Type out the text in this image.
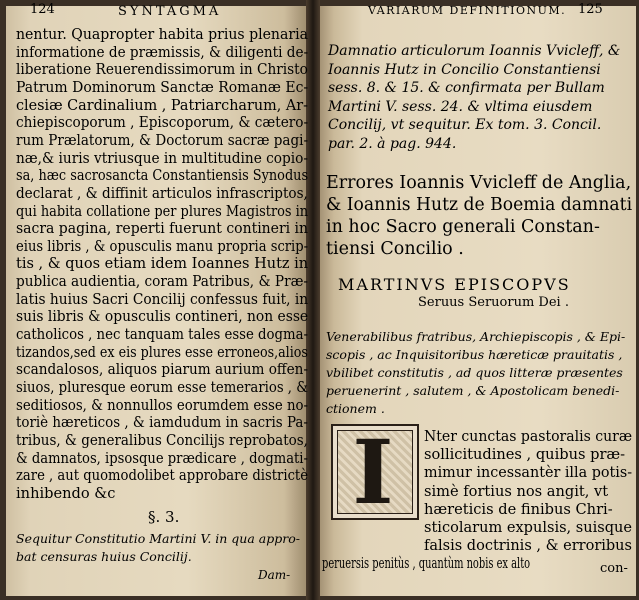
124	SYNTAGMA
nentur. Quapropter habita prius plenaria
informatione de præmissis, & diligenti de-
liberatione Reuerendissimorum in Christo
Patrum Dominorum Sanctæ Romanæ Ec-
clesiæ Cardinalium , Patriarcharum, Ar-
chiepiscoporum , Episcoporum, & cætero-
rum Prælatorum, & Doctorum sacræ pagi-
næ,& iuris vtriusque in multitudine copio-
sa, hæc sacrosancta Constantiensis Synodus
declarat , & diffinit articulos infrascriptos,
qui habita collatione per plures Magistros in
sacra pagina, reperti fuerunt contineri in
eius libris , & opusculis manu propria scrip-
tis , & quos etiam idem Ioannes Hutz in
publica audientia, coram Patribus, & Præ-
latis huius Sacri Concilij confessus fuit, in
suis libris & opusculis contineri, non esse
catholicos , nec tanquam tales esse dogma-
tizandos,sed ex eis plures esse erroneos,alios
scandalosos, aliquos piarum aurium offen-
siuos, pluresque eorum esse temerarios , &
seditiosos, & nonnullos eorumdem esse no-
toriè hæreticos , & iamdudum in sacris Pa-
tribus, & generalibus Concilijs reprobatos,
& damnatos, ipsosque prædicare , dogmati-
zare , aut quomodolibet approbare districtè
inhibendo &c
§. 3.
Sequitur Constitutio Martini V. in qua appro-
bat censuras huius Concilij.
Dam-
VARIARUM DEFINITIONUM. 125
Damnatio articulorum Ioannis Vvicleff, &
Ioannis Hutz in Concilio Constantiensi
sess. 8. & 15. & confirmata per Bullam
Martini V. sess. 24. & vltima eiusdem
Concilij, vt sequitur. Ex tom. 3. Concil.
par. 2. à pag. 944.
Errores Ioannis Vvicleff de Anglia,
& Ioannis Hutz de Boemia damnati
in hoc Sacro generali Constan-
tiensi Concilio .
MARTINVS EPISCOPVS
Seruus Seruorum Dei .
Venerabilibus fratribus, Archiepiscopis , & Epi-
scopis , ac Inquisitoribus hæreticæ prauitatis ,
vbilibet constitutis , ad quos litteræ præsentes
peruenerint , salutem , & Apostolicam benedi-
ctionem .
I	Nter cunctas pastoralis curæ
sollicitudines , quibus præ-
mimur incessantèr illa potis-
simè fortius nos angit, vt
hæreticis de finibus Chri-
sticolarum expulsis, suisque
falsis doctrinis , & erroribus
peruersis penitùs , quantùm nobis ex alto	con-
